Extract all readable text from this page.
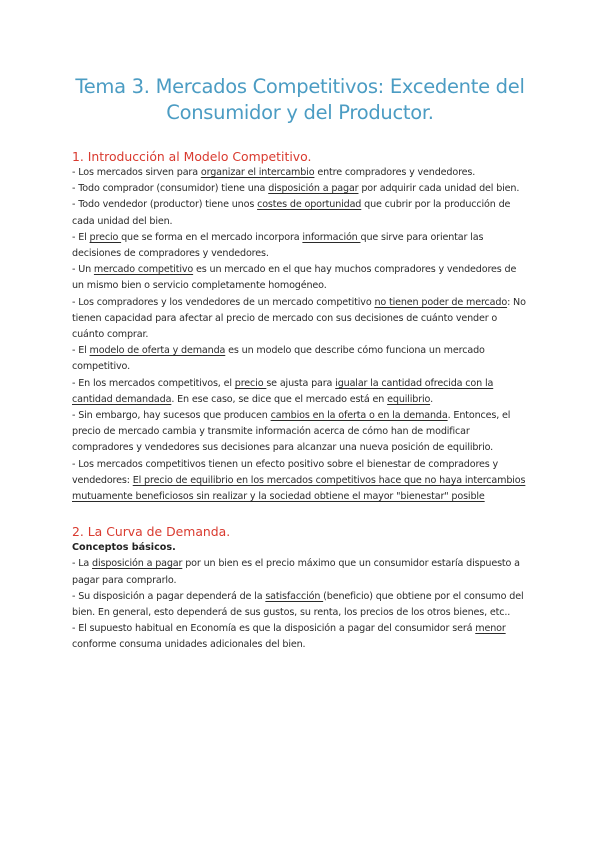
Tema 3. Mercados Competitivos: Excedente del
Consumidor y del Productor.
1. Introducción al Modelo Competitivo.

- Los mercados sirven para organizar el intercambio entre compradores y vendedores.

- Todo comprador (consumidor) tiene una disposición a pagar por adquirir cada unidad del bien.

- Todo vendedor (productor) tiene unos costes de oportunidad que cubrir por la producción de cada unidad del bien.

- El precio que se forma en el mercado incorpora información que sirve para orientar las decisiones de compradores y vendedores.

- Un mercado competitivo es un mercado en el que hay muchos compradores y vendedores de un mismo bien o servicio completamente homogéneo.

- Los compradores y los vendedores de un mercado competitivo no tienen poder de mercado: No tienen capacidad para afectar al precio de mercado con sus decisiones de cuánto vender o cuánto comprar.

- El modelo de oferta y demanda es un modelo que describe cómo funciona un mercado competitivo.

- En los mercados competitivos, el precio se ajusta para igualar la cantidad ofrecida con la cantidad demandada. En ese caso, se dice que el mercado está en equilibrio.

- Sin embargo, hay sucesos que producen cambios en la oferta o en la demanda. Entonces, el precio de mercado cambia y transmite información acerca de cómo han de modificar compradores y vendedores sus decisiones para alcanzar una nueva posición de equilibrio.

- Los mercados competitivos tienen un efecto positivo sobre el bienestar de compradores y vendedores: El precio de equilibrio en los mercados competitivos hace que no haya intercambios mutuamente beneficiosos sin realizar y la sociedad obtiene el mayor "bienestar" posible

2. La Curva de Demanda.

Conceptos básicos.

- La disposición a pagar por un bien es el precio máximo que un consumidor estaría dispuesto a pagar para comprarlo.

- Su disposición a pagar dependerá de la satisfacción (beneficio) que obtiene por el consumo del bien. En general, esto dependerá de sus gustos, su renta, los precios de los otros bienes, etc..

- El supuesto habitual en Economía es que la disposición a pagar del consumidor será menor conforme consuma unidades adicionales del bien.
